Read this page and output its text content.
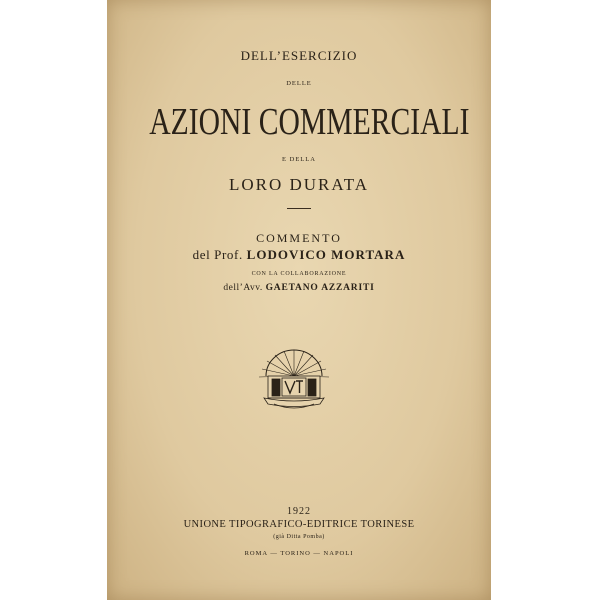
DELL’ESERCIZIO
DELLE
AZIONI COMMERCIALI
E DELLA
LORO DURATA
COMMENTO
del Prof. LODOVICO MORTARA
CON LA COLLABORAZIONE
dell’Avv. GAETANO AZZARITI
1922
UNIONE TIPOGRAFICO-EDITRICE TORINESE
(già Ditta Pomba)
ROMA — TORINO — NAPOLI
